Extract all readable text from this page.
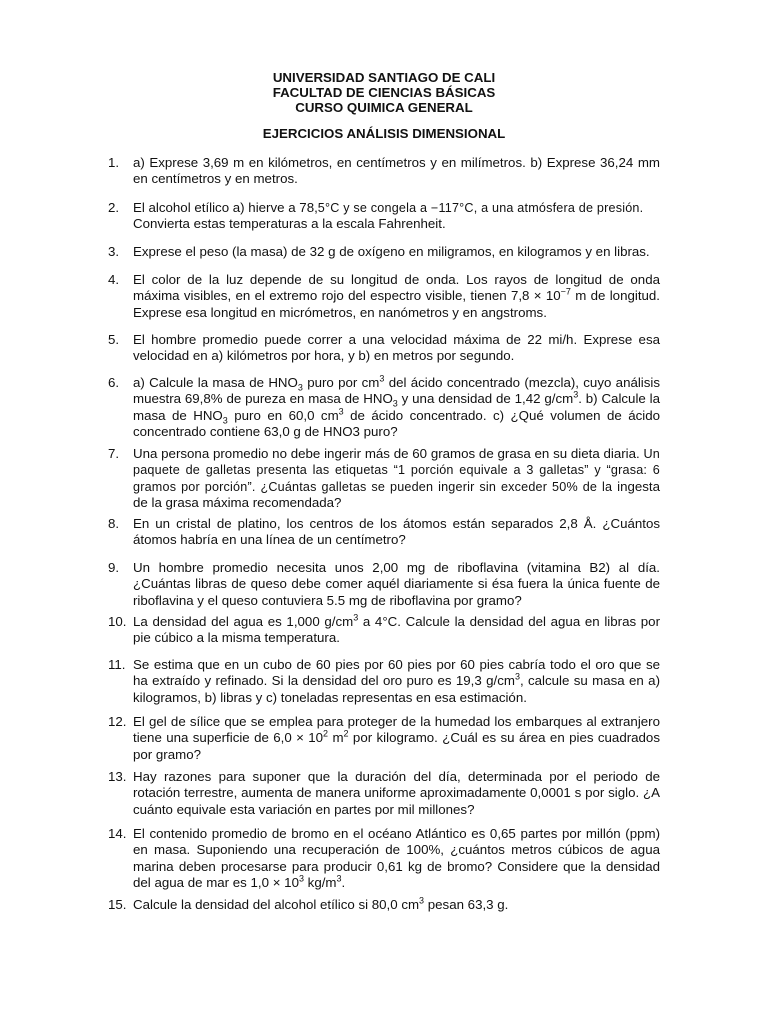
UNIVERSIDAD SANTIAGO DE CALI
FACULTAD DE CIENCIAS BÁSICAS
CURSO QUIMICA GENERAL
EJERCICIOS ANÁLISIS DIMENSIONAL
1. a) Exprese 3,69 m en kilómetros, en centímetros y en milímetros. b) Exprese 36,24 mm en centímetros y en metros.
2. El alcohol etílico a) hierve a 78,5°C y se congela a −117°C, a una atmósfera de presión.
Convierta estas temperaturas a la escala Fahrenheit.
3. Exprese el peso (la masa) de 32 g de oxígeno en miligramos, en kilogramos y en libras.
4. El color de la luz depende de su longitud de onda. Los rayos de longitud de onda máxima visibles, en el extremo rojo del espectro visible, tienen $7,8 \times 10^{-7}$ m de longitud. Exprese esa longitud en micrómetros, en nanómetros y en angstroms.
5. El hombre promedio puede correr a una velocidad máxima de 22 mi/h. Exprese esa velocidad en a) kilómetros por hora, y b) en metros por segundo.
6. a) Calcule la masa de $HNO_3$ puro por $cm^3$ del ácido concentrado (mezcla), cuyo análisis muestra 69,8% de pureza en masa de $HNO_3$ y una densidad de 1,42 $g/cm^3$. b) Calcule la masa de $HNO_3$ puro en 60,0 $cm^3$ de ácido concentrado. c) ¿Qué volumen de ácido concentrado contiene 63,0 g de HNO3 puro?
7. Una persona promedio no debe ingerir más de 60 gramos de grasa en su dieta diaria. Un paquete de galletas presenta las etiquetas “1 porción equivale a 3 galletas” y “grasa: 6 gramos por porción”. ¿Cuántas galletas se pueden ingerir sin exceder 50% de la ingesta de la grasa máxima recomendada?
8. En un cristal de platino, los centros de los átomos están separados 2,8 Å. ¿Cuántos átomos habría en una línea de un centímetro?
9. Un hombre promedio necesita unos 2,00 mg de riboflavina (vitamina B2) al día. ¿Cuántas libras de queso debe comer aquél diariamente si ésa fuera la única fuente de riboflavina y el queso contuviera 5.5 mg de riboflavina por gramo?
10. La densidad del agua es 1,000 $g/cm^3$ a 4°C. Calcule la densidad del agua en libras por pie cúbico a la misma temperatura.
11. Se estima que en un cubo de 60 pies por 60 pies por 60 pies cabría todo el oro que se ha extraído y refinado. Si la densidad del oro puro es 19,3 $g/cm^3$, calcule su masa en a) kilogramos, b) libras y c) toneladas representas en esa estimación.
12. El gel de sílice que se emplea para proteger de la humedad los embarques al extranjero tiene una superficie de $6,0 \times 10^2$ $m^2$ por kilogramo. ¿Cuál es su área en pies cuadrados por gramo?
13. Hay razones para suponer que la duración del día, determinada por el periodo de rotación terrestre, aumenta de manera uniforme aproximadamente 0,0001 s por siglo. ¿A cuánto equivale esta variación en partes por mil millones?
14. El contenido promedio de bromo en el océano Atlántico es 0,65 partes por millón (ppm) en masa. Suponiendo una recuperación de 100%, ¿cuántos metros cúbicos de agua marina deben procesarse para producir 0,61 kg de bromo? Considere que la densidad del agua de mar es $1,0 \times 10^3$ $kg/m^3$.
15. Calcule la densidad del alcohol etílico si 80,0 $cm^3$ pesan 63,3 g.
